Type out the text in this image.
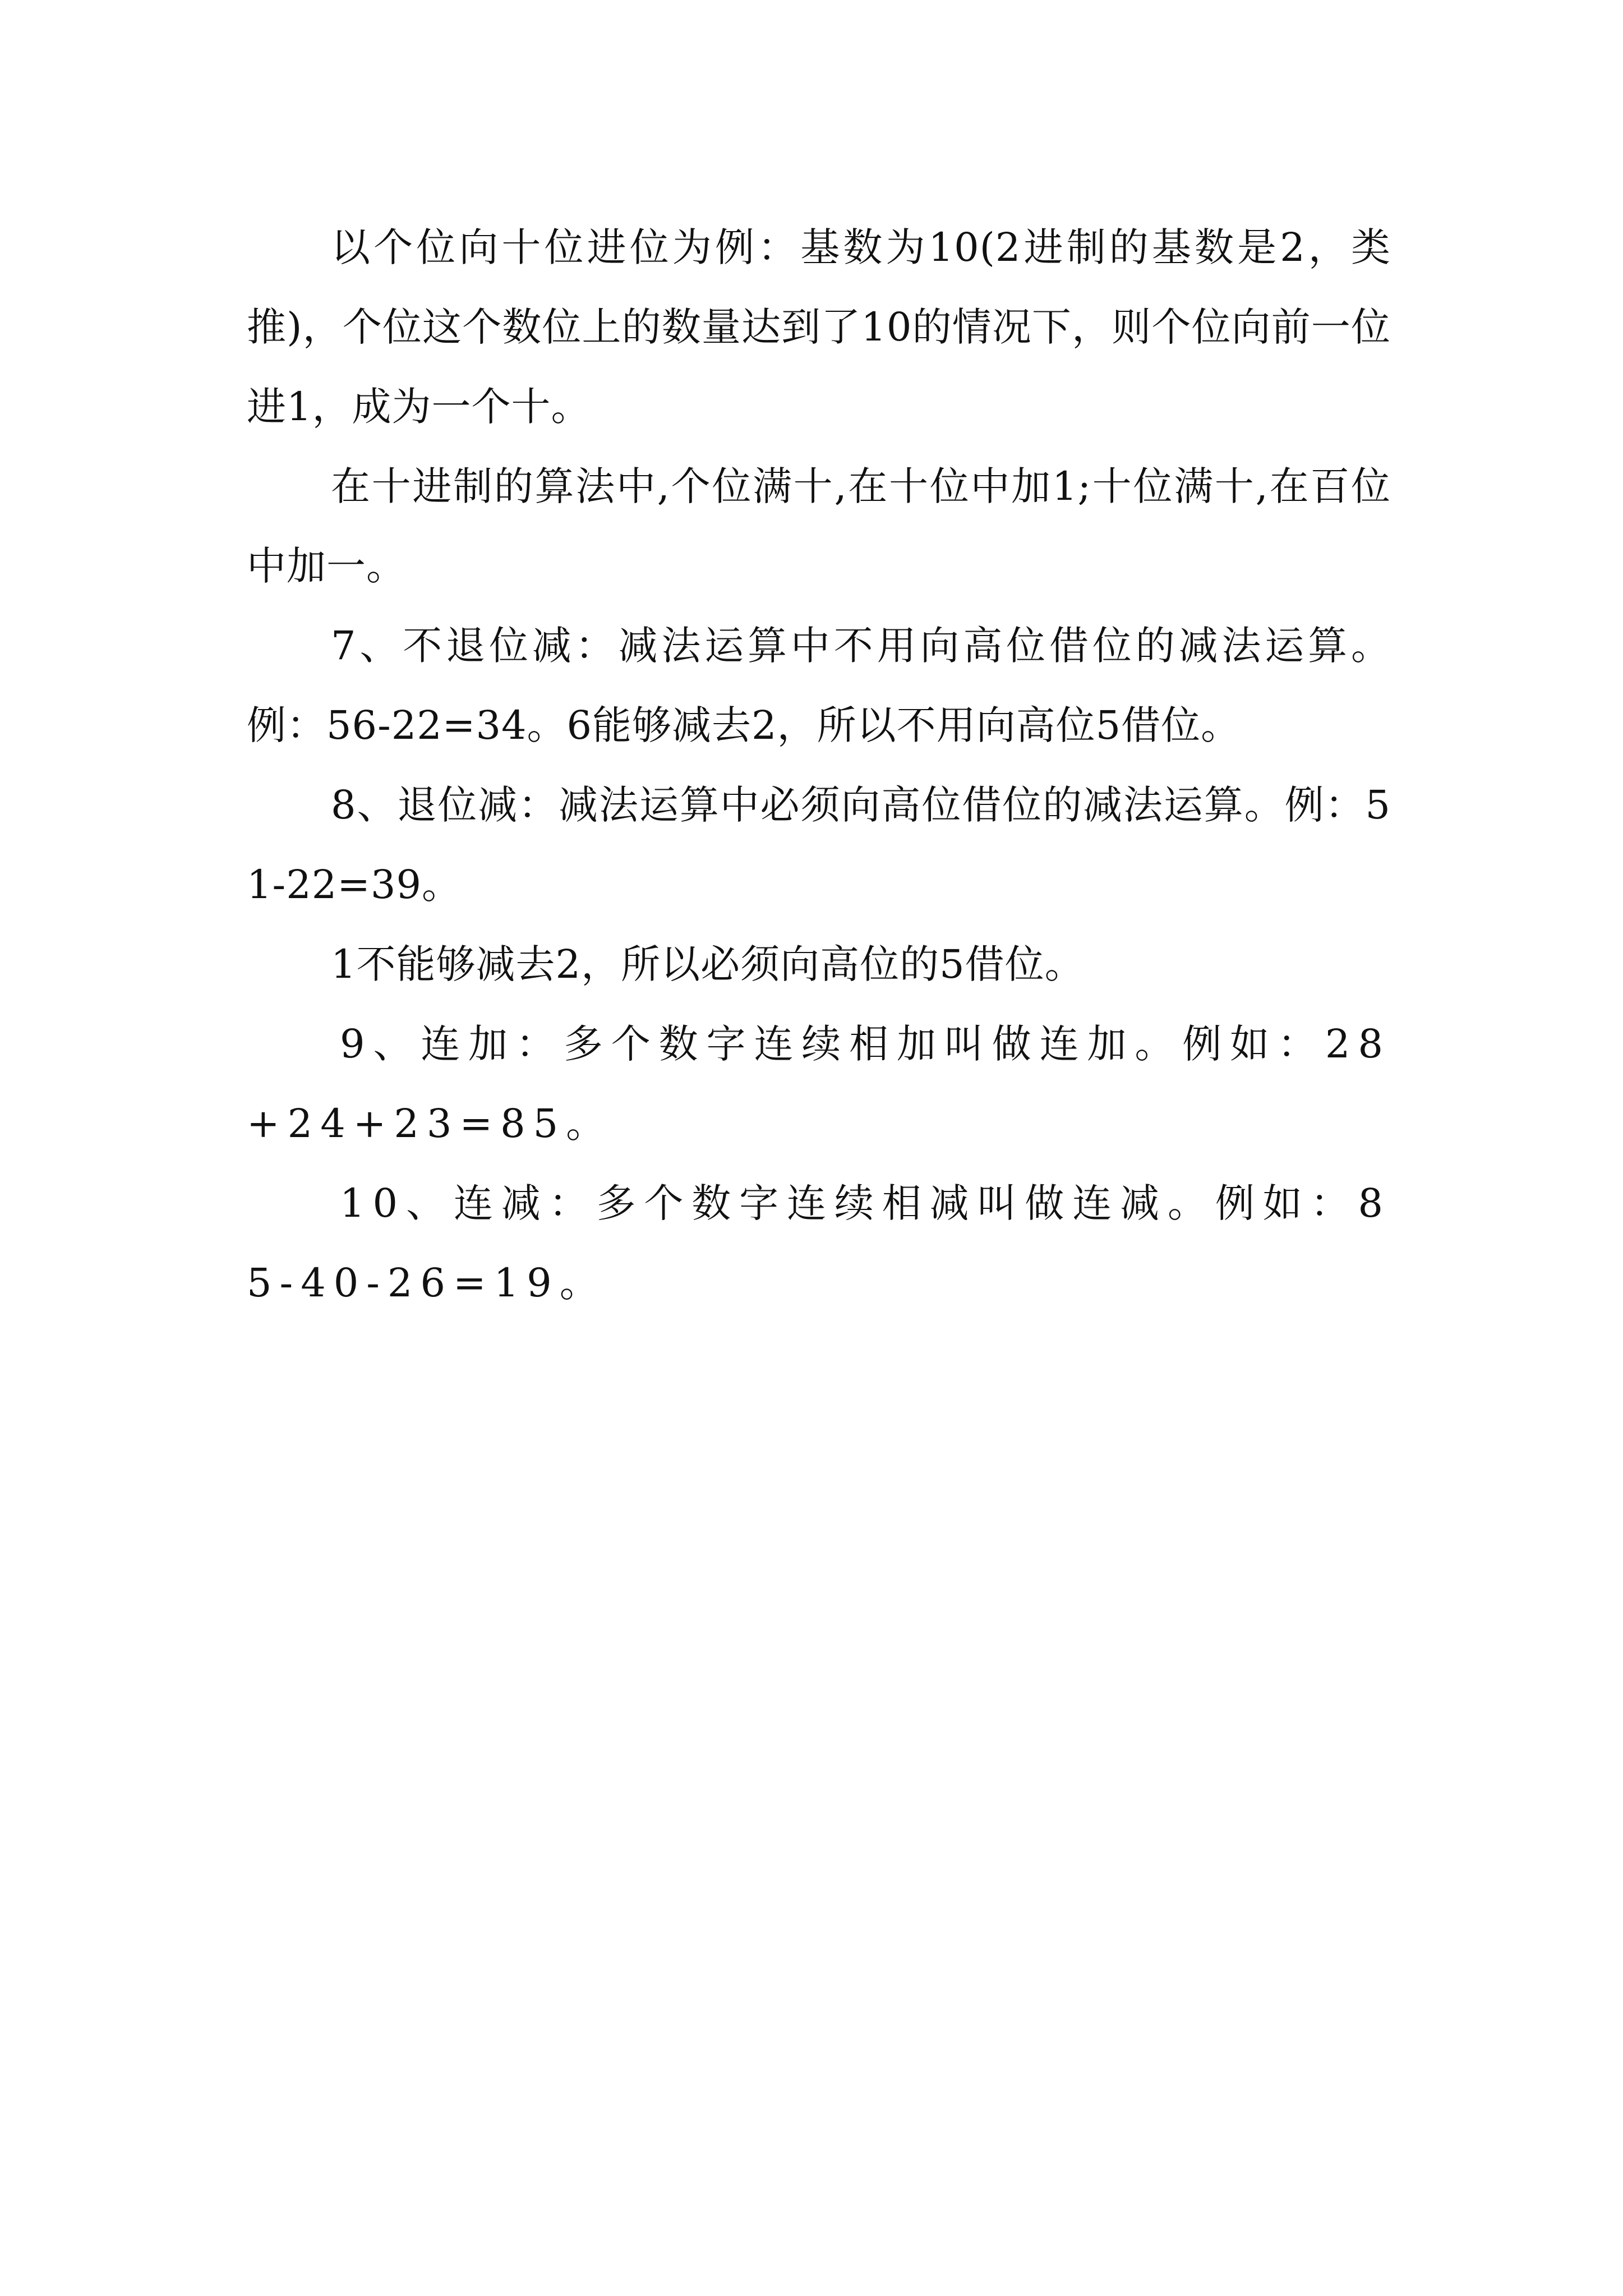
以个位向十位进位为例：基数为10(2进制的基数是2，类推)，个位这个数位上的数量达到了10的情况下，则个位向前一位进1，成为一个十。

在十进制的算法中,个位满十,在十位中加1;十位满十,在百位中加一。

7、不退位减：减法运算中不用向高位借位的减法运算。例：56-22=34。6能够减去2，所以不用向高位5借位。

8、退位减：减法运算中必须向高位借位的减法运算。例：51-22=39。

1不能够减去2，所以必须向高位的5借位。

9、连加：多个数字连续相加叫做连加。例如：28+24+23=85。

10、连减：多个数字连续相减叫做连减。例如：85-40-26=19。
